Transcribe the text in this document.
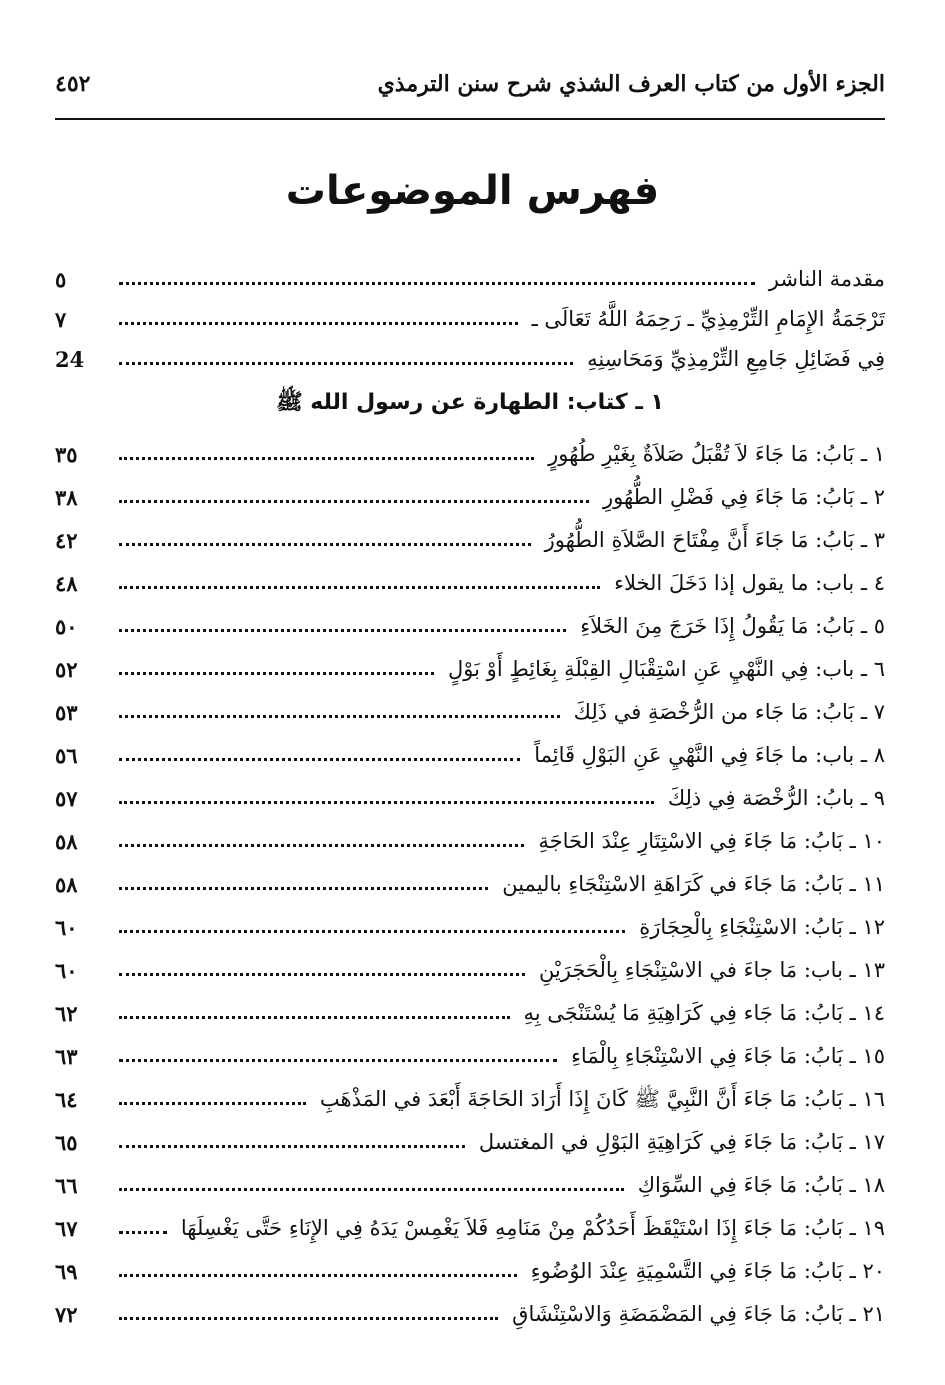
الجزء الأول من كتاب العرف الشذي شرح سنن الترمذي
٤٥٢
فهرس الموضوعات
مقدمة الناشر
٥
تَرْجَمَةُ الإِمَامِ التِّرْمِذِيِّ ـ رَحِمَهُ اللَّهُ تَعَالَى ـ
٧
فِي فَضَائِلِ جَامِعِ التِّرْمِذِيِّ وَمَحَاسِنِهِ
24
١ ـ كتاب: الطهارة عن رسول الله ﷺ
١ ـ بَابُ: مَا جَاءَ لاَ تُقْبَلُ صَلاَةٌ بِغَيْرِ طُهُورٍ
٣٥
٢ ـ بَابُ: مَا جَاءَ فِي فَضْلِ الطُّهُورِ
٣٨
٣ ـ بَابُ: مَا جَاءَ أَنَّ مِفْتَاحَ الصَّلاَةِ الطُّهُورُ
٤٢
٤ ـ باب: ما يقول إذا دَخَلَ الخلاء
٤٨
٥ ـ بَابُ: مَا يَقُولُ إِذَا خَرَجَ مِنَ الخَلاَءِ
٥٠
٦ ـ باب: فِي النَّهْيِ عَنِ اسْتِقْبَالِ القِبْلَةِ بِغَائِطٍ أَوْ بَوْلٍ
٥٢
٧ ـ بَابُ: مَا جَاء من الرُّخْصَةِ في ذَلِكَ
٥٣
٨ ـ باب: ما جَاءَ فِي النَّهْيِ عَنِ البَوْلِ قَائِماً
٥٦
٩ ـ بابُ: الرُّخْصَة فِي ذلِكَ
٥٧
١٠ ـ بَابُ: مَا جَاءَ فِي الاسْتِتَارِ عِنْدَ الحَاجَةِ
٥٨
١١ ـ بَابُ: مَا جَاءَ في كَرَاهَةِ الاسْتِنْجَاءِ باليمين
٥٨
١٢ ـ بَابُ: الاسْتِنْجَاءِ بِالْحِجَارَةِ
٦٠
١٣ ـ باب: مَا جاءَ في الاسْتِنْجَاءِ بِالْحَجَرَيْنِ
٦٠
١٤ ـ بَابُ: مَا جَاء فِي كَرَاهِيَةِ مَا يُسْتَنْجَى بِهِ
٦٢
١٥ ـ بَابُ: مَا جَاءَ فِي الاسْتِنْجَاءِ بِالْمَاءِ
٦٣
١٦ ـ بَابُ: مَا جَاءَ أَنَّ النَّبِيَّ ﷺ كَانَ إِذَا أَرَادَ الحَاجَةَ أَبْعَدَ في المَذْهَبِ
٦٤
١٧ ـ بَابُ: مَا جَاءَ فِي كَرَاهِيَةِ البَوْلِ في المغتسل
٦٥
١٨ ـ بَابُ: مَا جَاءَ فِي السِّوَاكِ
٦٦
١٩ ـ بَابُ: مَا جَاءَ إِذَا اسْتَيْقَظَ أَحَدُكُمْ مِنْ مَنَامِهِ فَلاَ يَغْمِسْ يَدَهُ فِي الإِنَاءِ حَتَّى يَغْسِلَهَا
٦٧
٢٠ ـ بَابُ: مَا جَاءَ فِي التَّسْمِيَةِ عِنْدَ الوُضُوءِ
٦٩
٢١ ـ بَابُ: مَا جَاءَ فِي المَضْمَضَةِ وَالاسْتِنْشَاقِ
٧٢
